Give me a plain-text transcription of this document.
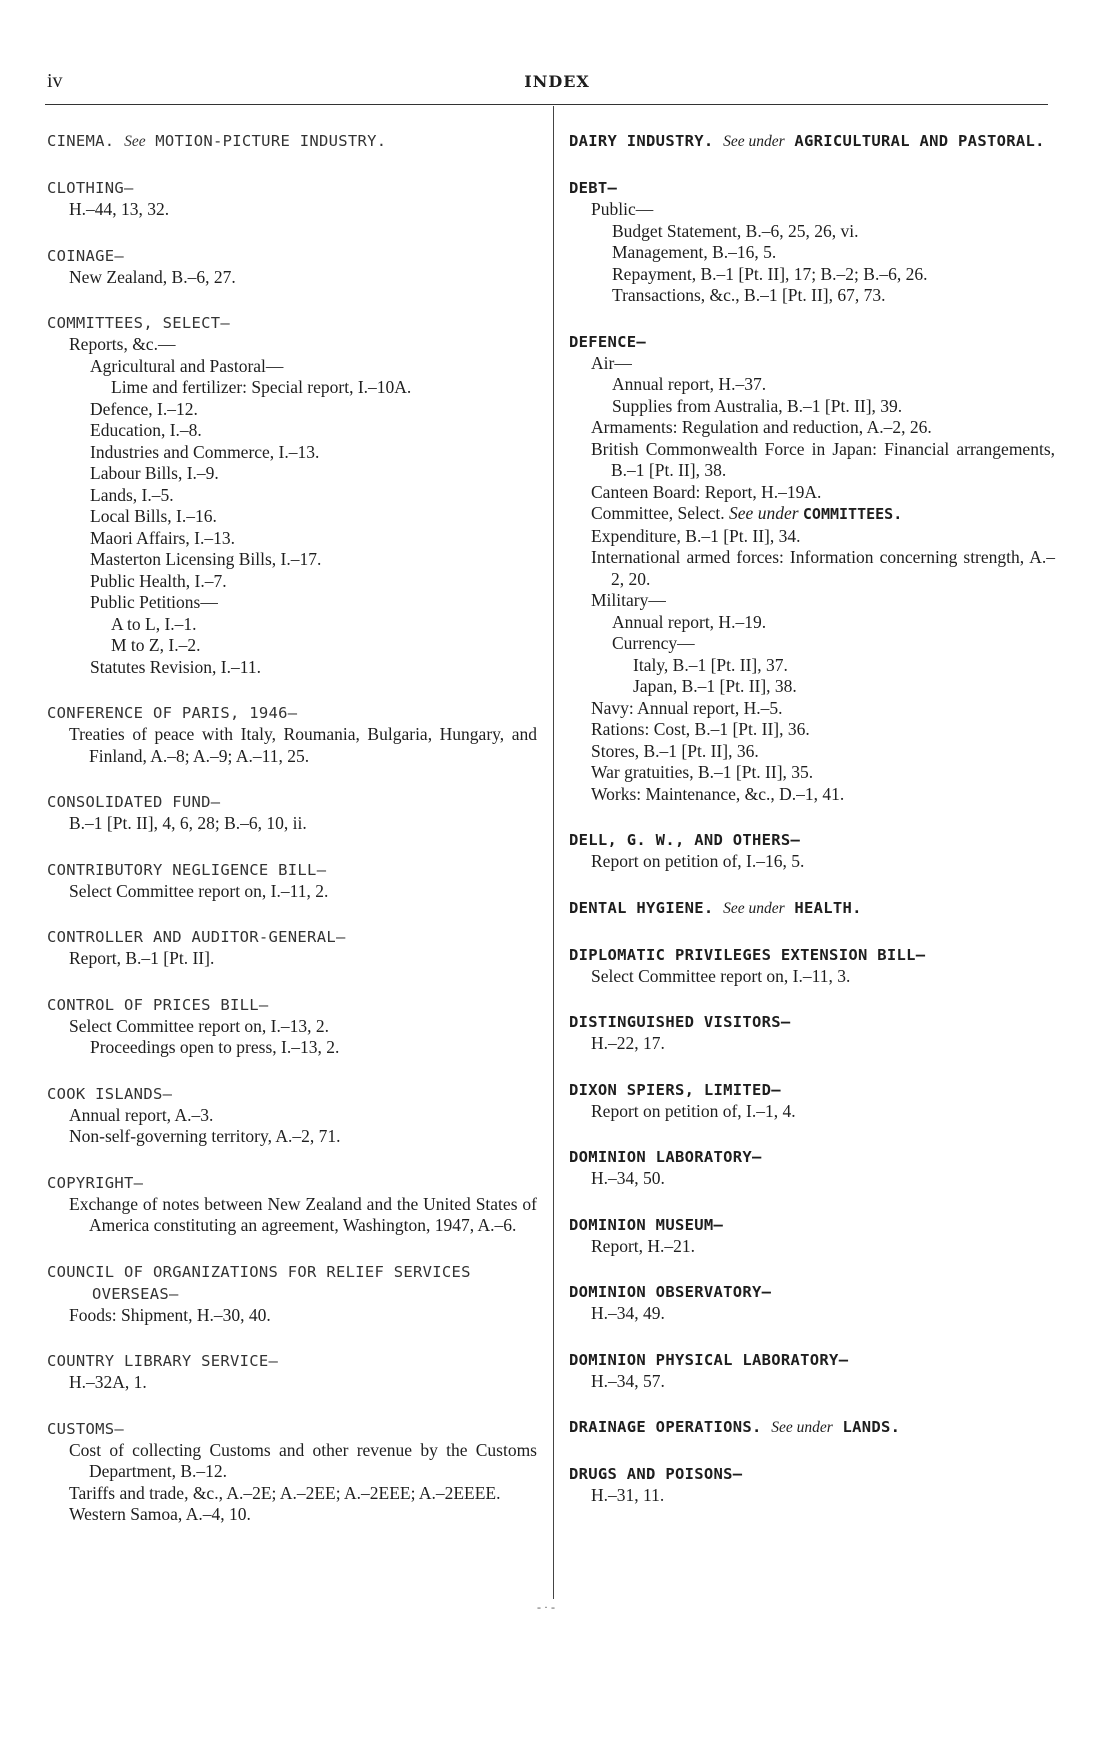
iv	INDEX
CINEMA. See MOTION-PICTURE INDUSTRY.
CLOTHING—
H.–44, 13, 32.
COINAGE—
New Zealand, B.–6, 27.
COMMITTEES, SELECT—
Reports, &c.—
Agricultural and Pastoral—
Lime and fertilizer: Special report, I.–10A.
Defence, I.–12.
Education, I.–8.
Industries and Commerce, I.–13.
Labour Bills, I.–9.
Lands, I.–5.
Local Bills, I.–16.
Maori Affairs, I.–13.
Masterton Licensing Bills, I.–17.
Public Health, I.–7.
Public Petitions—
A to L, I.–1.
M to Z, I.–2.
Statutes Revision, I.–11.
CONFERENCE OF PARIS, 1946—
Treaties of peace with Italy, Roumania, Bulgaria, Hungary, and Finland, A.–8; A.–9; A.–11, 25.
CONSOLIDATED FUND—
B.–1 [Pt. II], 4, 6, 28; B.–6, 10, ii.
CONTRIBUTORY NEGLIGENCE BILL—
Select Committee report on, I.–11, 2.
CONTROLLER AND AUDITOR-GENERAL—
Report, B.–1 [Pt. II].
CONTROL OF PRICES BILL—
Select Committee report on, I.–13, 2.
Proceedings open to press, I.–13, 2.
COOK ISLANDS—
Annual report, A.–3.
Non-self-governing territory, A.–2, 71.
COPYRIGHT—
Exchange of notes between New Zealand and the United States of America constituting an agreement, Washington, 1947, A.–6.
COUNCIL OF ORGANIZATIONS FOR RELIEF SERVICES OVERSEAS—
Foods: Shipment, H.–30, 40.
COUNTRY LIBRARY SERVICE—
H.–32A, 1.
CUSTOMS—
Cost of collecting Customs and other revenue by the Customs Department, B.–12.
Tariffs and trade, &c., A.–2E; A.–2EE; A.–2EEE; A.–2EEEE.
Western Samoa, A.–4, 10.
DAIRY INDUSTRY. See under AGRICULTURAL AND PASTORAL.
DEBT—
Public—
Budget Statement, B.–6, 25, 26, vi.
Management, B.–16, 5.
Repayment, B.–1 [Pt. II], 17; B.–2; B.–6, 26.
Transactions, &c., B.–1 [Pt. II], 67, 73.
DEFENCE—
Air—
Annual report, H.–37.
Supplies from Australia, B.–1 [Pt. II], 39.
Armaments: Regulation and reduction, A.–2, 26.
British Commonwealth Force in Japan: Financial arrangements, B.–1 [Pt. II], 38.
Canteen Board: Report, H.–19A.
Committee, Select. See under COMMITTEES.
Expenditure, B.–1 [Pt. II], 34.
International armed forces: Information concerning strength, A.–2, 20.
Military—
Annual report, H.–19.
Currency—
Italy, B.–1 [Pt. II], 37.
Japan, B.–1 [Pt. II], 38.
Navy: Annual report, H.–5.
Rations: Cost, B.–1 [Pt. II], 36.
Stores, B.–1 [Pt. II], 36.
War gratuities, B.–1 [Pt. II], 35.
Works: Maintenance, &c., D.–1, 41.
DELL, G. W., AND OTHERS—
Report on petition of, I.–16, 5.
DENTAL HYGIENE. See under HEALTH.
DIPLOMATIC PRIVILEGES EXTENSION BILL—
Select Committee report on, I.–11, 3.
DISTINGUISHED VISITORS—
H.–22, 17.
DIXON SPIERS, LIMITED—
Report on petition of, I.–1, 4.
DOMINION LABORATORY—
H.–34, 50.
DOMINION MUSEUM—
Report, H.–21.
DOMINION OBSERVATORY—
H.–34, 49.
DOMINION PHYSICAL LABORATORY—
H.–34, 57.
DRAINAGE OPERATIONS. See under LANDS.
DRUGS AND POISONS—
H.–31, 11.
- · -
